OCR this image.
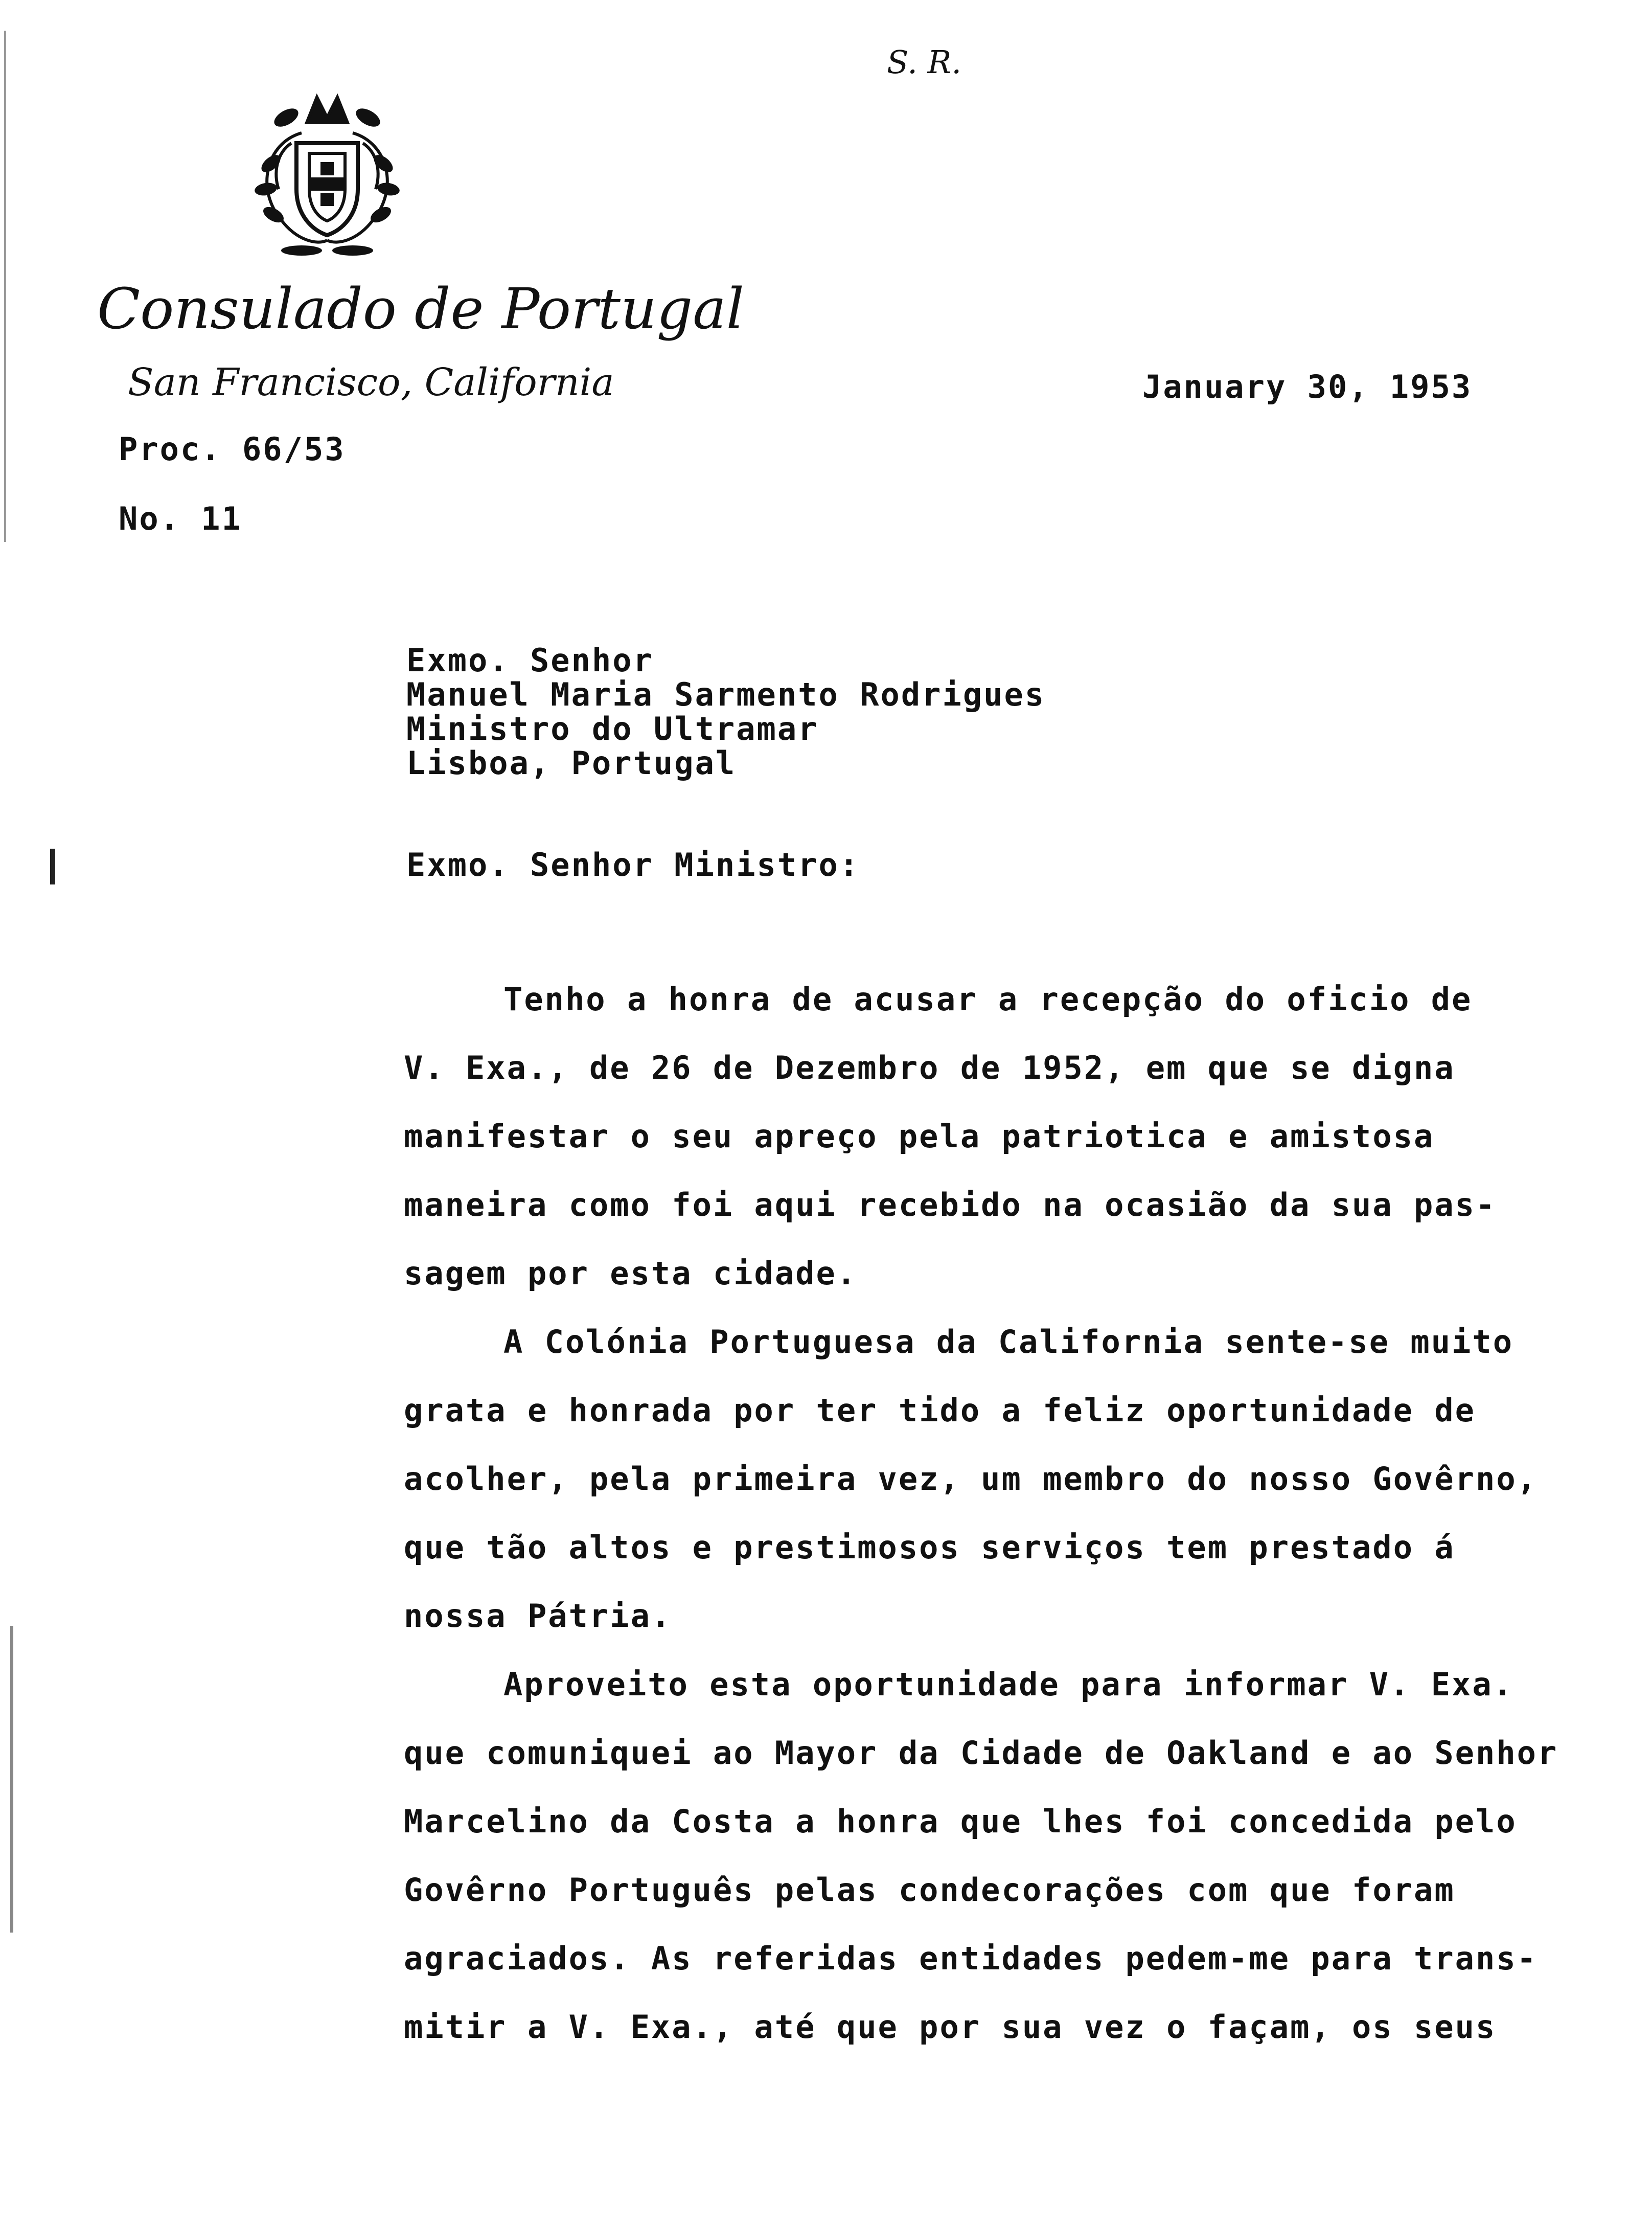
S. R.
Consulado de Portugal
San Francisco, California
Proc. 66/53
No. 11
January 30, 1953
Exmo. Senhor
Manuel Maria Sarmento Rodrigues
Ministro do Ultramar
Lisboa, Portugal
Exmo. Senhor Ministro:
Tenho a honra de acusar a recepção do oficio de
V. Exa., de 26 de Dezembro de 1952, em que se digna
manifestar o seu apreço pela patriotica e amistosa
maneira como foi aqui recebido na ocasião da sua pas-
sagem por esta cidade.
A Colónia Portuguesa da California sente-se muito
grata e honrada por ter tido a feliz oportunidade de
acolher, pela primeira vez, um membro do nosso Govêrno,
que tão altos e prestimosos serviços tem prestado á
nossa Pátria.
Aproveito esta oportunidade para informar V. Exa.
que comuniquei ao Mayor da Cidade de Oakland e ao Senhor
Marcelino da Costa a honra que lhes foi concedida pelo
Govêrno Português pelas condecorações com que foram
agraciados. As referidas entidades pedem-me para trans-
mitir a V. Exa., até que por sua vez o façam, os seus
